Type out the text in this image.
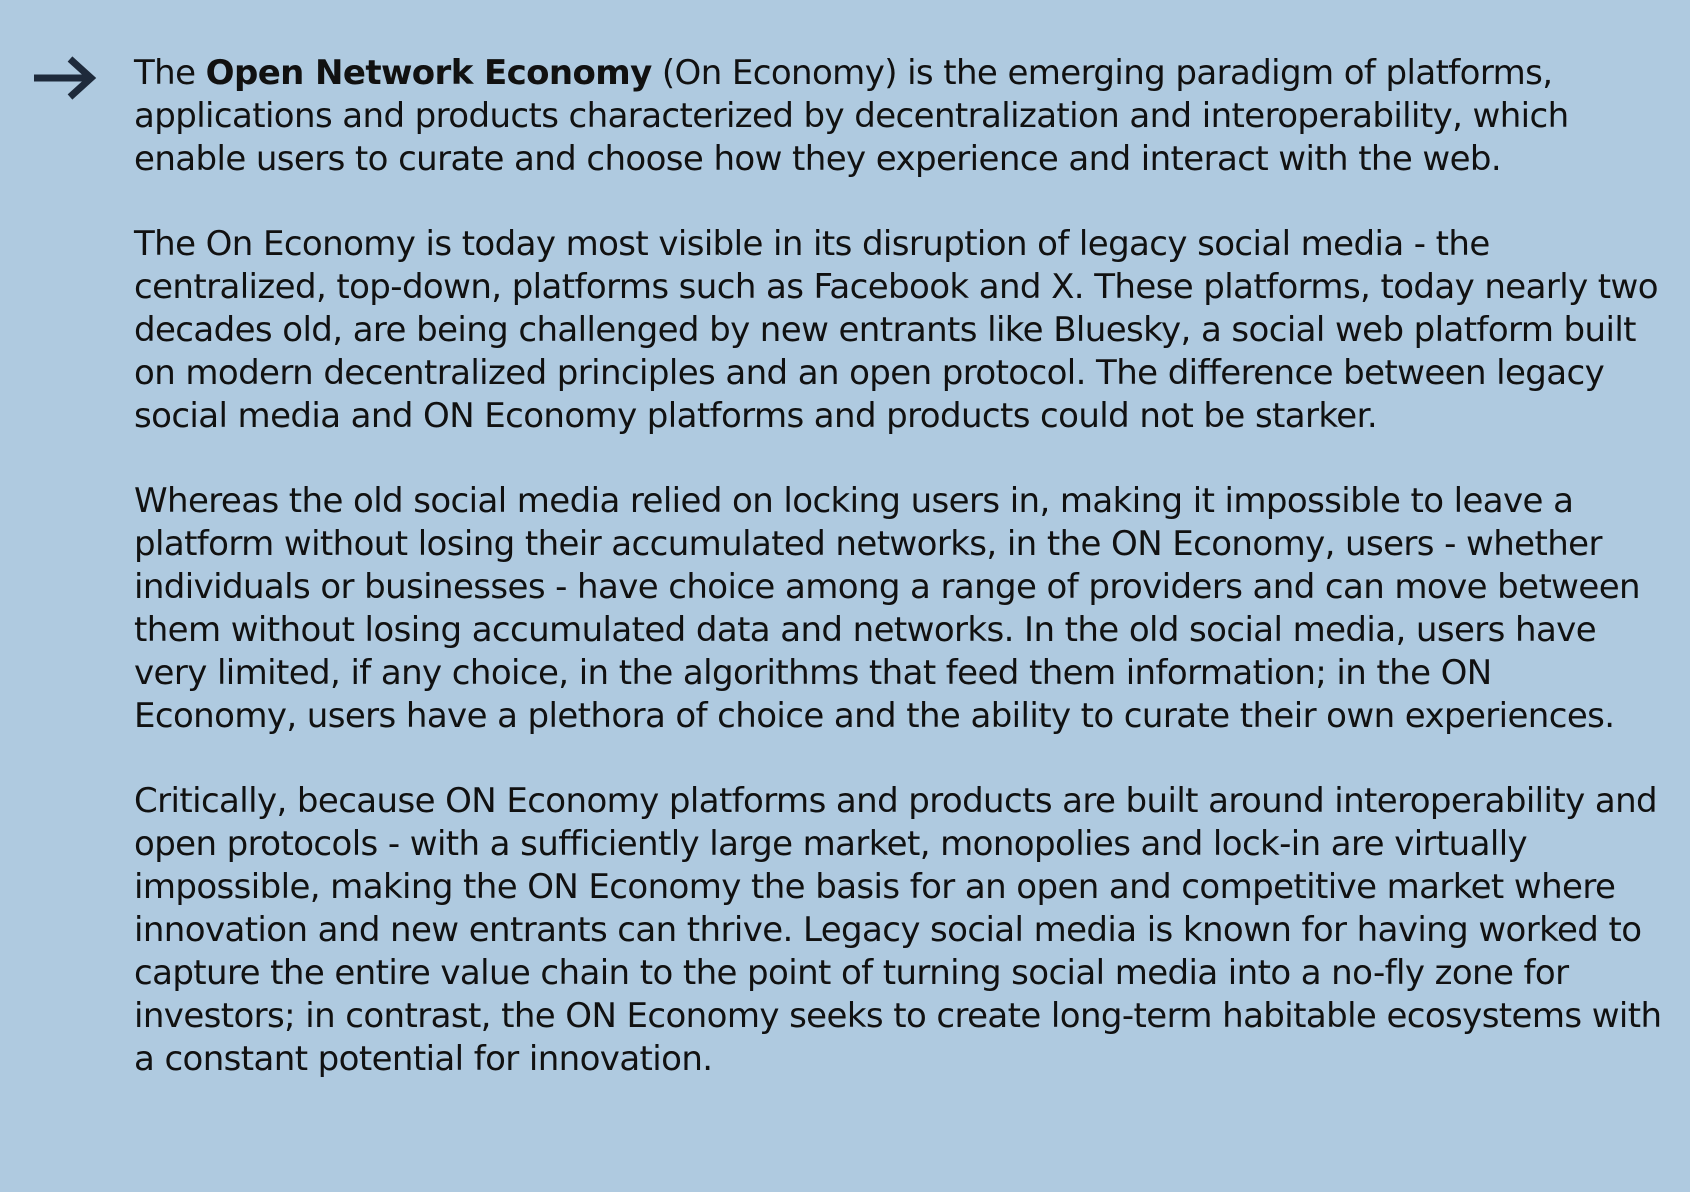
The Open Network Economy (On Economy) is the emerging paradigm of platforms, applications and products characterized by decentralization and interoperability, which enable users to curate and choose how they experience and interact with the web.

The On Economy is today most visible in its disruption of legacy social media - the centralized, top-down, platforms such as Facebook and X. These platforms, today nearly two decades old, are being challenged by new entrants like Bluesky, a social web platform built on modern decentralized principles and an open protocol. The difference between legacy social media and ON Economy platforms and products could not be starker.

Whereas the old social media relied on locking users in, making it impossible to leave a platform without losing their accumulated networks, in the ON Economy, users - whether individuals or businesses - have choice among a range of providers and can move between them without losing accumulated data and networks. In the old social media, users have very limited, if any choice, in the algorithms that feed them information; in the ON Economy, users have a plethora of choice and the ability to curate their own experiences.

Critically, because ON Economy platforms and products are built around interoperability and open protocols - with a sufficiently large market, monopolies and lock-in are virtually impossible, making the ON Economy the basis for an open and competitive market where innovation and new entrants can thrive. Legacy social media is known for having worked to capture the entire value chain to the point of turning social media into a no-fly zone for investors; in contrast, the ON Economy seeks to create long-term habitable ecosystems with a constant potential for innovation.
